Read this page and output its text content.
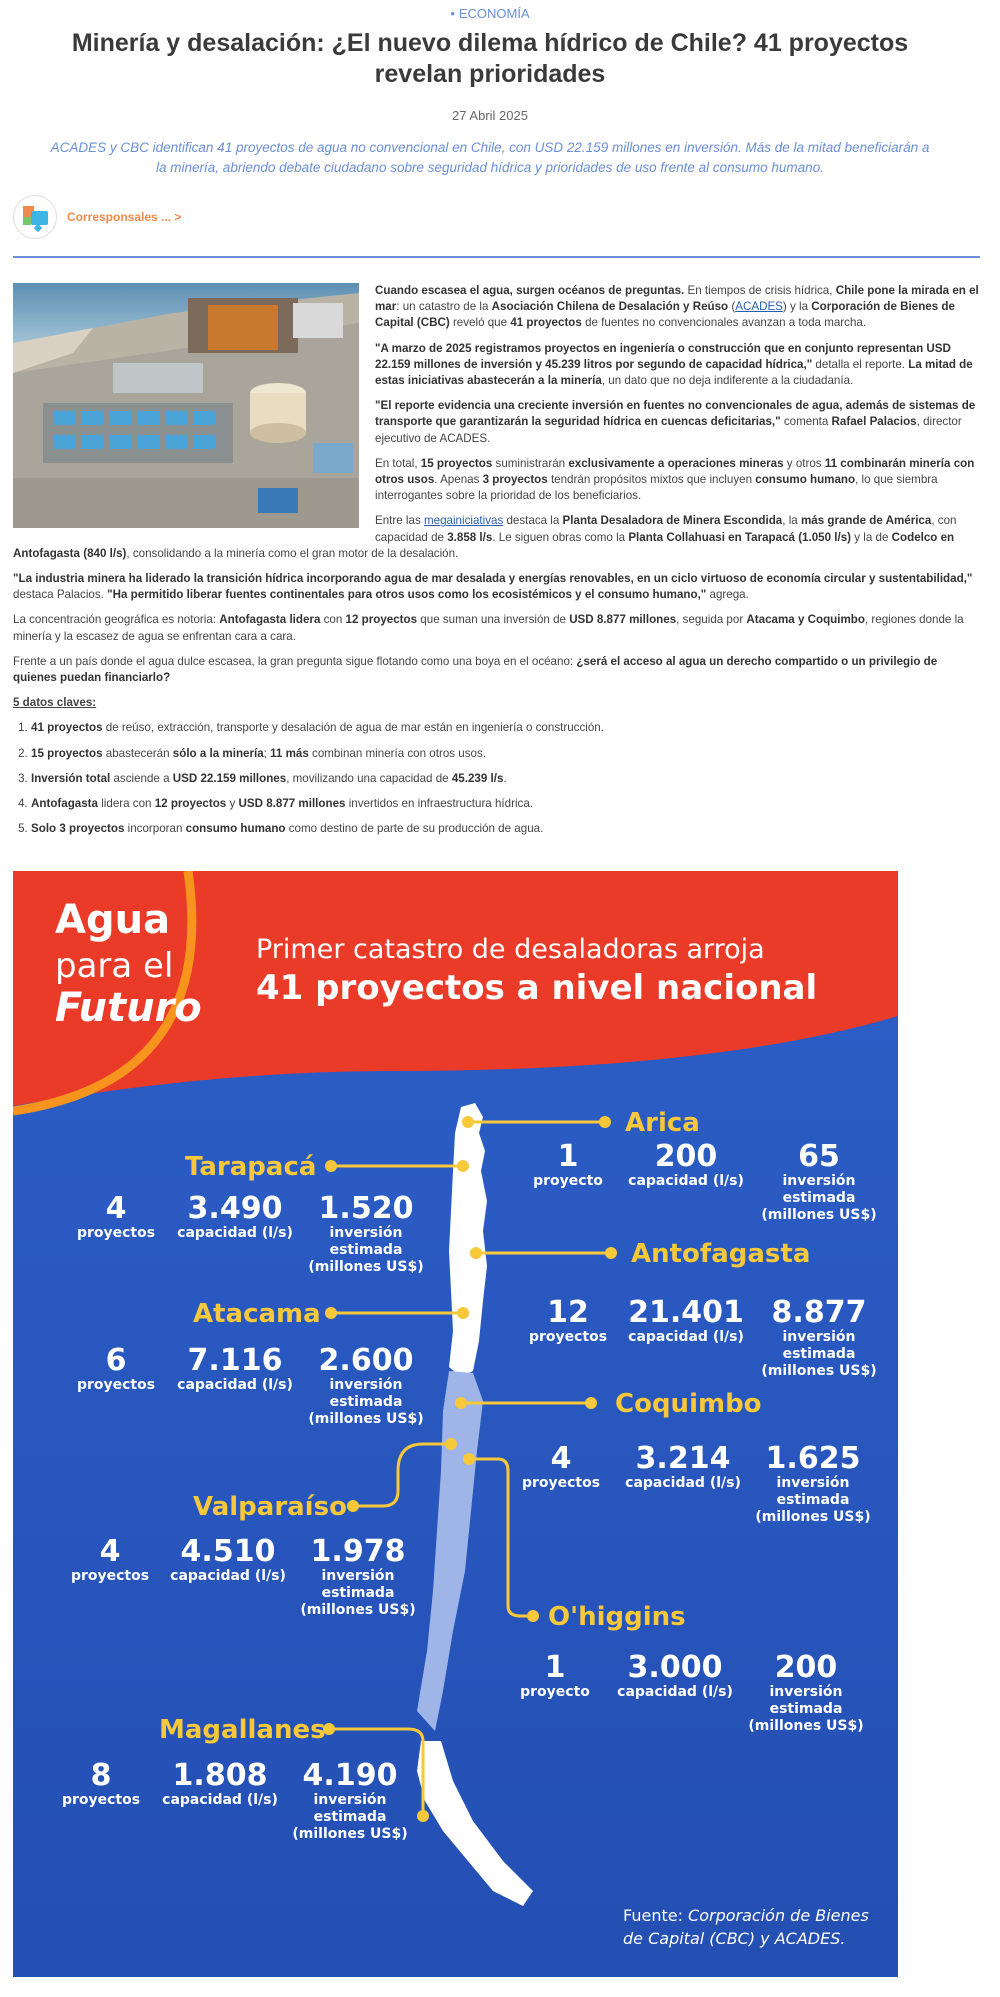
• ECONOMÍA
Minería y desalación: ¿El nuevo dilema hídrico de Chile? 41 proyectos revelan prioridades
27 Abril 2025

ACADES y CBC identifican 41 proyectos de agua no convencional en Chile, con USD 22.159 millones en inversión. Más de la mitad beneficiarán a la minería, abriendo debate ciudadano sobre seguridad hídrica y prioridades de uso frente al consumo humano.

Corresponsales ... >

Cuando escasea el agua, surgen océanos de preguntas. En tiempos de crisis hídrica, Chile pone la mirada en el mar: un catastro de la Asociación Chilena de Desalación y Reúso (ACADES) y la Corporación de Bienes de Capital (CBC) reveló que 41 proyectos de fuentes no convencionales avanzan a toda marcha.

"A marzo de 2025 registramos proyectos en ingeniería o construcción que en conjunto representan USD 22.159 millones de inversión y 45.239 litros por segundo de capacidad hídrica," detalla el reporte. La mitad de estas iniciativas abastecerán a la minería, un dato que no deja indiferente a la ciudadanía.

"El reporte evidencia una creciente inversión en fuentes no convencionales de agua, además de sistemas de transporte que garantizarán la seguridad hídrica en cuencas deficitarias," comenta Rafael Palacios, director ejecutivo de ACADES.

En total, 15 proyectos suministrarán exclusivamente a operaciones mineras y otros 11 combinarán minería con otros usos. Apenas 3 proyectos tendrán propósitos mixtos que incluyen consumo humano, lo que siembra interrogantes sobre la prioridad de los beneficiarios.

Entre las megainiciativas destaca la Planta Desaladora de Minera Escondida, la más grande de América, con capacidad de 3.858 l/s. Le siguen obras como la Planta Collahuasi en Tarapacá (1.050 l/s) y la de Codelco en Antofagasta (840 l/s), consolidando a la minería como el gran motor de la desalación.

"La industria minera ha liderado la transición hídrica incorporando agua de mar desalada y energías renovables, en un ciclo virtuoso de economía circular y sustentabilidad," destaca Palacios. "Ha permitido liberar fuentes continentales para otros usos como los ecosistémicos y el consumo humano," agrega.

La concentración geográfica es notoria: Antofagasta lidera con 12 proyectos que suman una inversión de USD 8.877 millones, seguida por Atacama y Coquimbo, regiones donde la minería y la escasez de agua se enfrentan cara a cara.

Frente a un país donde el agua dulce escasea, la gran pregunta sigue flotando como una boya en el océano: ¿será el acceso al agua un derecho compartido o un privilegio de quienes puedan financiarlo?

5 datos claves:

1. 41 proyectos de reúso, extracción, transporte y desalación de agua de mar están en ingeniería o construcción.
2. 15 proyectos abastecerán sólo a la minería; 11 más combinan minería con otros usos.
3. Inversión total asciende a USD 22.159 millones, movilizando una capacidad de 45.239 l/s.
4. Antofagasta lidera con 12 proyectos y USD 8.877 millones invertidos en infraestructura hídrica.
5. Solo 3 proyectos incorporan consumo humano como destino de parte de su producción de agua.
Agua
para el
Futuro
Primer catastro de desaladoras arroja
41 proyectos a nivel nacional
Arica
Tarapacá
Antofagasta
Atacama
Coquimbo
Valparaíso
O'higgins
Magallanes
1
proyecto
200
capacidad (l/s)
65
inversión
estimada
(millones US$)
4
proyectos
3.490
capacidad (l/s)
1.520
inversión
estimada
(millones US$)
12
proyectos
21.401
capacidad (l/s)
8.877
inversión
estimada
(millones US$)
6
proyectos
7.116
capacidad (l/s)
2.600
inversión
estimada
(millones US$)
4
proyectos
3.214
capacidad (l/s)
1.625
inversión
estimada
(millones US$)
4
proyectos
4.510
capacidad (l/s)
1.978
inversión
estimada
(millones US$)
1
proyecto
3.000
capacidad (l/s)
200
inversión
estimada
(millones US$)
8
proyectos
1.808
capacidad (l/s)
4.190
inversión
estimada
(millones US$)
Fuente: Corporación de Bienes
de Capital (CBC) y ACADES.
